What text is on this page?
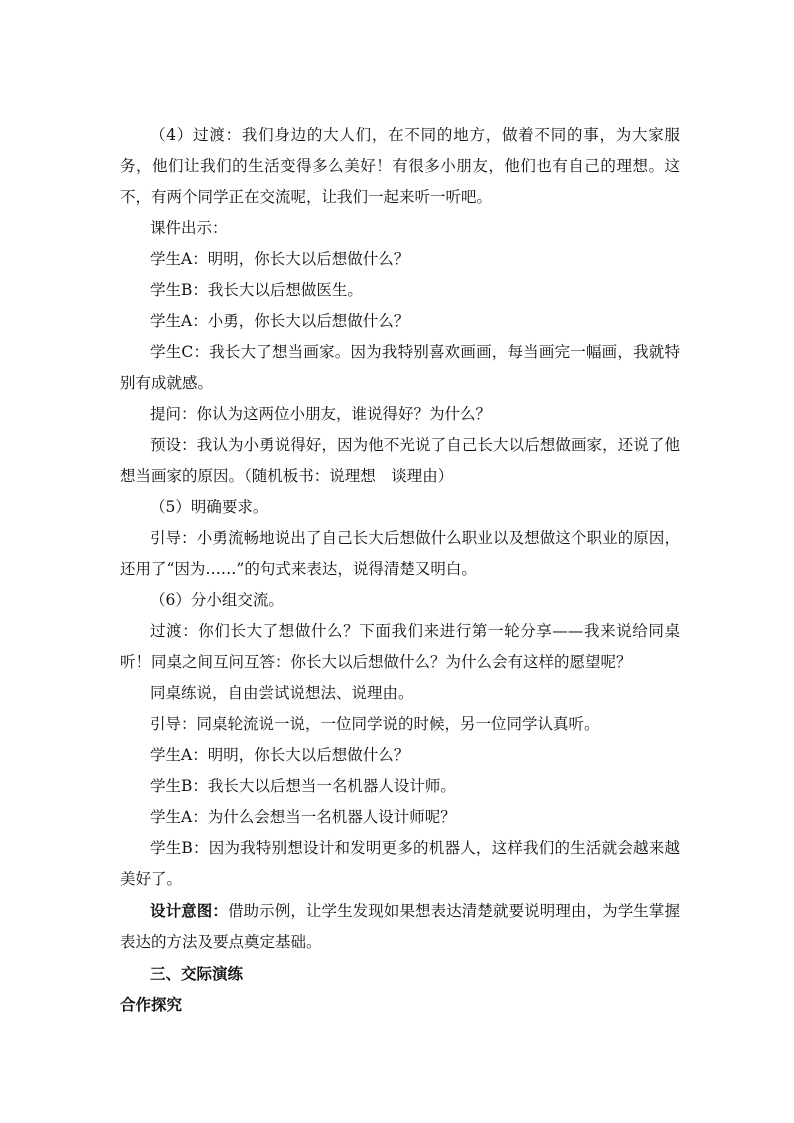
（4）过渡：我们身边的大人们，在不同的地方，做着不同的事，为大家服务，他们让我们的生活变得多么美好！有很多小朋友，他们也有自己的理想。这不，有两个同学正在交流呢，让我们一起来听一听吧。

课件出示：

学生A：明明，你长大以后想做什么？

学生B：我长大以后想做医生。

学生A：小勇，你长大以后想做什么？

学生C：我长大了想当画家。因为我特别喜欢画画，每当画完一幅画，我就特别有成就感。

提问：你认为这两位小朋友，谁说得好？为什么？

预设：我认为小勇说得好，因为他不光说了自己长大以后想做画家，还说了他想当画家的原因。（随机板书：说理想　谈理由）

（5）明确要求。

引导：小勇流畅地说出了自己长大后想做什么职业以及想做这个职业的原因，还用了“因为……”的句式来表达，说得清楚又明白。

（6）分小组交流。

过渡：你们长大了想做什么？下面我们来进行第一轮分享——我来说给同桌听！同桌之间互问互答：你长大以后想做什么？为什么会有这样的愿望呢？

同桌练说，自由尝试说想法、说理由。

引导：同桌轮流说一说，一位同学说的时候，另一位同学认真听。

学生A：明明，你长大以后想做什么？

学生B：我长大以后想当一名机器人设计师。

学生A：为什么会想当一名机器人设计师呢？

学生B：因为我特别想设计和发明更多的机器人，这样我们的生活就会越来越美好了。

设计意图：借助示例，让学生发现如果想表达清楚就要说明理由，为学生掌握表达的方法及要点奠定基础。

三、交际演练

合作探究
